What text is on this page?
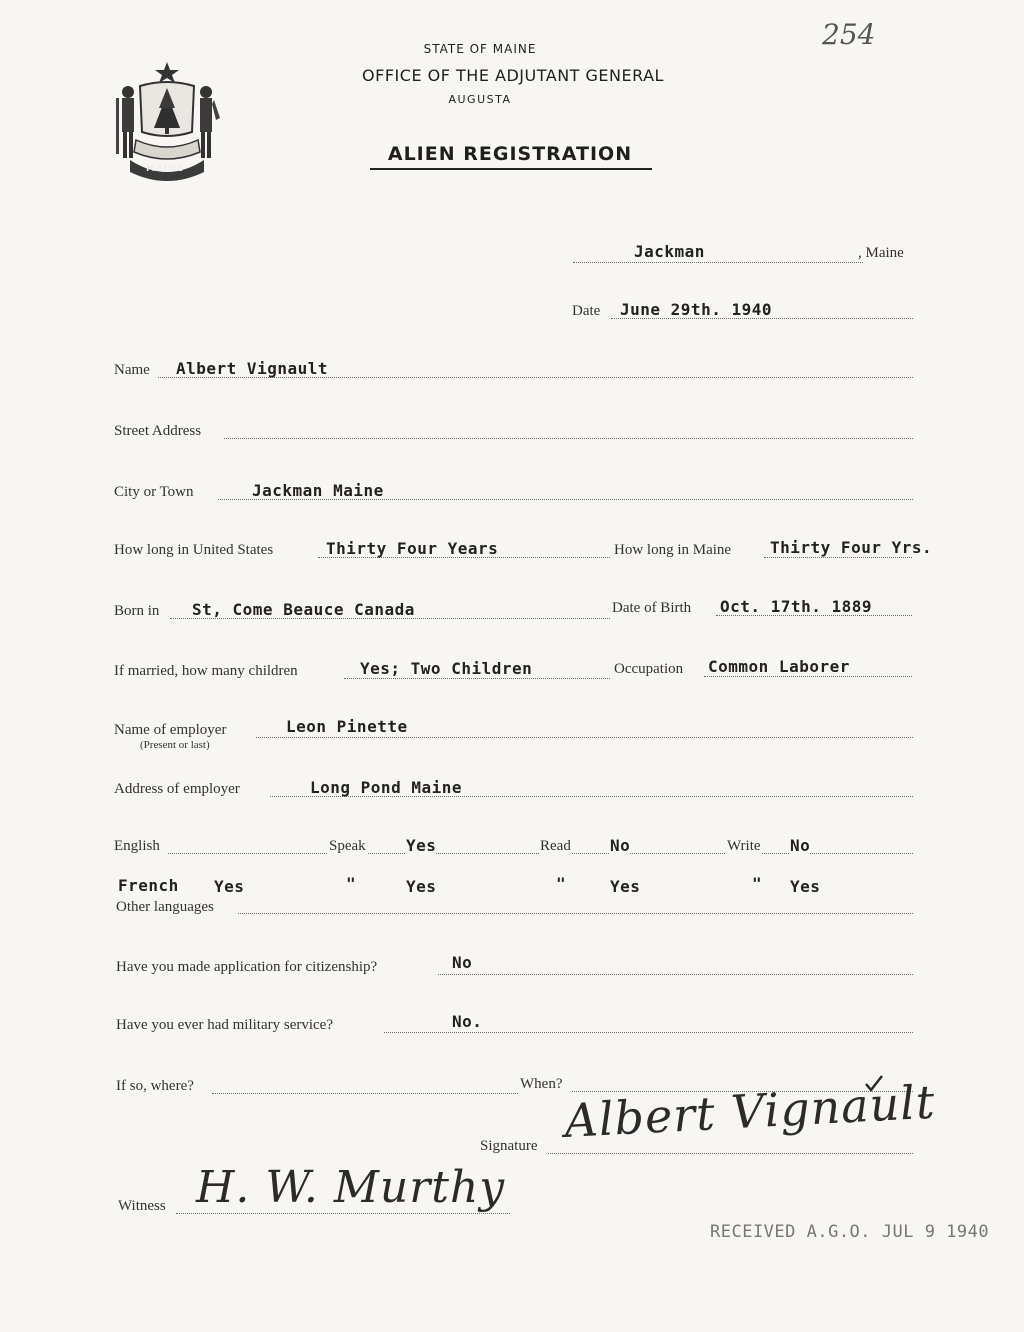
MAINE
STATE OF MAINE
OFFICE OF THE ADJUTANT GENERAL
AUGUSTA
ALIEN REGISTRATION
254
Jackman	, Maine
Date June 29th. 1940
Name Albert Vignault
Street Address
City or Town	Jackman Maine
How long in United States	Thirty Four Years	How long in Maine Thirty Four Yrs.
Born in St, Come Beauce Canada	Date of Birth Oct. 17th. 1889
If married, how many children	Yes; Two Children	Occupation Common Laborer
Name of employer	Leon Pinette
(Present or last)
Address of employer	Long Pond Maine
English	Speak	Yes	Read No	Write No
French Yes	"	Yes	"	Yes	" Yes
Other languages
Have you made application for citizenship?	No
Have you ever had military service?	No.
If so, where?	When?
Signature Albert Vignault
Witness H. W. Murthy
RECEIVED A.G.O. JUL 9 1940
